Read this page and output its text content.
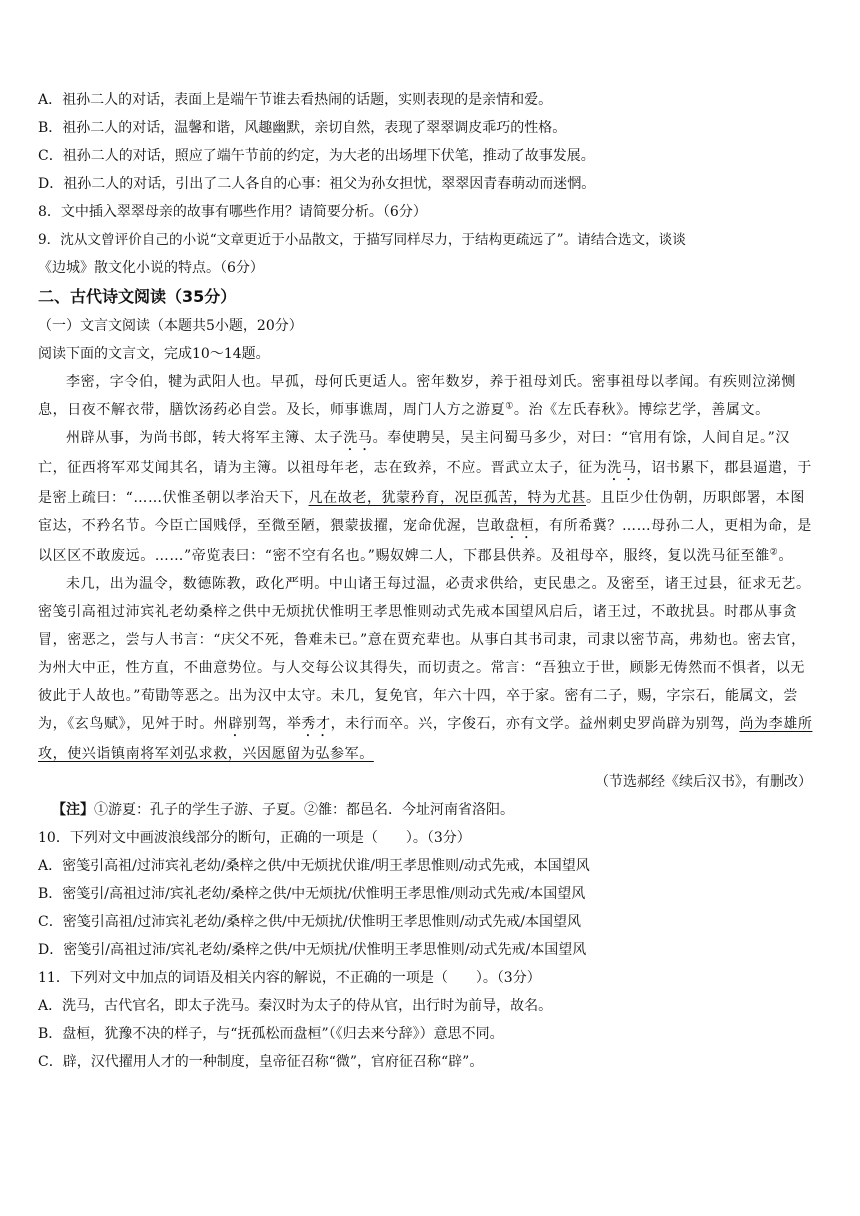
A．祖孙二人的对话，表面上是端午节谁去看热闹的话题，实则表现的是亲情和爱。
B．祖孙二人的对话，温馨和谐，风趣幽默，亲切自然，表现了翠翠调皮乖巧的性格。
C．祖孙二人的对话，照应了端午节前的约定，为大老的出场埋下伏笔，推动了故事发展。
D．祖孙二人的对话，引出了二人各自的心事：祖父为孙女担忧，翠翠因青春萌动而迷惘。
8．文中插入翠翠母亲的故事有哪些作用？请简要分析。（6分）
9．沈从文曾评价自己的小说“文章更近于小品散文，于描写同样尽力，于结构更疏远了”。请结合选文，谈谈
《边城》散文化小说的特点。（6分）
二、古代诗文阅读（35分）
（一）文言文阅读（本题共5小题，20分）
阅读下面的文言文，完成10～14题。
李密，字令伯，犍为武阳人也。早孤，母何氏更适人。密年数岁，养于祖母刘氏。密事祖母以孝闻。有疾则泣涕恻息，日夜不解衣带，膳饮汤药必自尝。及长，师事谯周，周门人方之游夏①。治《左氏春秋》。博综艺学，善属文。
州辟从事，为尚书郎，转大将军主簿、太子洗马。奉使聘吴，吴主问蜀马多少，对曰：“官用有馀，人间自足。”汉亡，征西将军邓艾闻其名，请为主簿。以祖母年老，志在致养，不应。晋武立太子，征为洗马，诏书累下，郡县逼遣，于是密上疏曰：“……伏惟圣朝以孝治天下，凡在故老，犹蒙矜育，况臣孤苦，特为尤甚。且臣少仕伪朝，历职郎署，本图宦达，不矜名节。今臣亡国贱俘，至微至陋，猥蒙拔擢，宠命优渥，岂敢盘桓，有所希冀？……母孙二人，更相为命，是以区区不敢废远。……”帝览表曰：“密不空有名也。”赐奴婢二人，下郡县供养。及祖母卒，服终，复以洗马征至雒②。
未几，出为温令，数德陈教，政化严明。中山诸王每过温，必责求供给，吏民患之。及密至，诸王过县，征求无艺。密笺引高祖过沛宾礼老幼桑梓之供中无烦扰伏惟明王孝思惟则动式先戒本国望风启后，诸王过，不敢扰县。时郡从事贪冒，密恶之，尝与人书言：“庆父不死，鲁难未已。”意在贾充辈也。从事白其书司隶，司隶以密节高，弗劾也。密去官，为州大中正，性方直，不曲意势位。与人交每公议其得失，而切责之。常言：“吾独立于世，顾影无俦然而不惧者，以无彼此于人故也。”荀勖等恶之。出为汉中太守。未几，复免官，年六十四，卒于家。密有二子，赐，字宗石，能属文，尝为，《玄鸟赋》，见舛于时。州辟别驾，举秀才，未行而卒。兴，字俊石，亦有文学。益州刺史罗尚辟为别驾，尚为李雄所攻，使兴诣镇南将军刘弘求救，兴因愿留为弘参军。
（节选郝经《续后汉书》，有删改）
【注】①游夏：孔子的学生子游、子夏。②雒：都邑名．今址河南省洛阳。
10．下列对文中画波浪线部分的断句，正确的一项是（　　）。（3分）
A．密笺引高祖/过沛宾礼老幼/桑梓之供/中无烦扰伏谁/明王孝思惟则/动式先戒，本国望风
B．密笺引/高祖过沛/宾礼老幼/桑梓之供/中无烦扰/伏惟明王孝思惟/则动式先戒/本国望风
C．密笺引高祖/过沛宾礼老幼/桑梓之供/中无烦扰/伏惟明王孝思惟则/动式先戒/本国望风
D．密笺引/高祖过沛/宾礼老幼/桑梓之供/中无烦扰/伏惟明王孝思惟则/动式先戒/本国望风
11．下列对文中加点的词语及相关内容的解说，不正确的一项是（　　）。（3分）
A．洗马，古代官名，即太子洗马。秦汉时为太子的侍从官，出行时为前导，故名。
B．盘桓，犹豫不决的样子，与“抚孤松而盘桓”（《归去来兮辞》）意思不同。
C．辟，汉代擢用人才的一种制度，皇帝征召称“微”，官府征召称“辟”。
